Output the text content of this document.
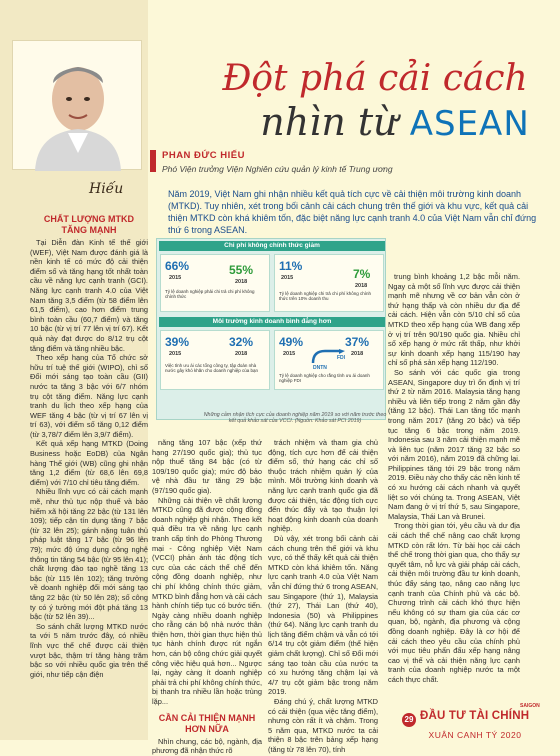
Hiếu
Đột phá cải cách
nhìn từ ASEAN
PHAN ĐỨC HIẾU
Phó Viện trưởng Viện Nghiên cứu quản lý kinh tế Trung ương
Năm 2019, Việt Nam ghi nhận nhiều kết quả tích cực về cải thiện môi trường kinh doanh (MTKD). Tuy nhiên, xét trong bối cảnh cải cách chung trên thế giới và khu vực, kết quả cải thiện MTKD còn khá khiêm tốn, đặc biệt năng lực cạnh tranh 4.0 của Việt Nam vẫn chỉ đứng thứ 6 trong ASEAN.
CHẤT LƯỢNG MTKD TĂNG MẠNH

Tại Diễn đàn Kinh tế thế giới (WEF), Việt Nam được đánh giá là nền kinh tế có mức độ cải thiện điểm số và tăng hạng tốt nhất toàn cầu về năng lực cạnh tranh (GCI). Năng lực cạnh tranh 4.0 của Việt Nam tăng 3,5 điểm (từ 58 điểm lên 61,5 điểm), cao hơn điểm trung bình toàn cầu (60,7 điểm) và tăng 10 bậc (từ vị trí 77 lên vị trí 67). Kết quả này đạt được do 8/12 trụ cột tăng điểm và tăng nhiều bậc.

Theo xếp hạng của Tổ chức sở hữu trí tuệ thế giới (WIPO), chỉ số Đổi mới sáng tạo toàn cầu (GII) nước ta tăng 3 bậc với 6/7 nhóm trụ cột tăng điểm. Năng lực cạnh tranh du lịch theo xếp hạng của WEF tăng 4 bậc (từ vị trí 67 lên vị trí 63), với điểm số tăng 0,12 điểm (từ 3,78/7 điểm lên 3,9/7 điểm).

Kết quả xếp hạng MTKD (Doing Business hoặc EoDB) của Ngân hàng Thế giới (WB) cũng ghi nhận tăng 1,2 điểm (từ 68,6 lên 69,8 điểm) với 7/10 chỉ tiêu tăng điểm.

Nhiều lĩnh vực có cải cách mạnh mẽ, như thủ tục nộp thuế và bảo hiểm xã hội tăng 22 bậc (từ 131 lên 109); tiếp cận tín dụng tăng 7 bậc (từ 32 lên 25); gánh nặng tuân thủ pháp luật tăng 17 bậc (từ 96 lên 79); mức độ ứng dụng công nghệ thông tin tăng 54 bậc (từ 95 lên 41); chất lượng đào tạo nghề tăng 13 bậc (từ 115 lên 102); tăng trưởng về doanh nghiệp đổi mới sáng tạo tăng 22 bậc (từ 50 lên 28); số công ty có ý tưởng mới đột phá tăng 13 bậc (từ 52 lên 39)...

So sánh chất lượng MTKD nước ta với 5 năm trước đây, có nhiều lĩnh vực thể chế được cải thiện vượt bậc, thậm trí tăng hàng trăm bậc so với nhiều quốc gia trên thế giới, như tiếp cận điện

năng tăng 107 bậc (xếp thứ hạng 27/190 quốc gia); thủ tục nộp thuế tăng 84 bậc (có từ 109/190 quốc gia); mức độ bảo vệ nhà đầu tư tăng 29 bậc (97/190 quốc gia).

Những cải thiện về chất lượng MTKD cũng đã được cộng đồng doanh nghiệp ghi nhận. Theo kết quả điều tra về năng lực cạnh tranh cấp tỉnh do Phòng Thương mại - Công nghiệp Việt Nam (VCCI) phản ánh tác động tích cực của các cách thể chế đến cộng đồng doanh nghiệp, như chi phí không chính thức giảm, MTKD bình đẳng hơn và cải cách hành chính tiếp tục có bước tiến. Ngày càng nhiều doanh nghiệp cho rằng cán bộ nhà nước thân thiện hơn, thời gian thực hiện thủ tục hành chính được rút ngắn hơn, cán bộ công chức giải quyết công việc hiệu quả hơn... Ngược lại, ngày càng ít doanh nghiệp phải trả chi phí không chính thức, bị thanh tra nhiều lần hoặc trùng lặp...

CẦN CẢI THIỆN MẠNH HƠN NỮA

Nhìn chung, các bộ, ngành, địa phương đã nhận thức rõ

trách nhiệm và tham gia chủ động, tích cực hơn để cải thiện điểm số, thứ hạng các chỉ số thuộc trách nhiệm quản lý của mình. Môi trường kinh doanh và năng lực cạnh tranh quốc gia đã được cải thiện, tác động tích cực đến thúc đẩy và tạo thuận lợi hoạt động kinh doanh của doanh nghiệp.

Dù vậy, xét trong bối cảnh cải cách chung trên thế giới và khu vực, có thể thấy kết quả cải thiện MTKD còn khá khiêm tốn. Năng lực cạnh tranh 4.0 của Việt Nam vẫn chỉ đứng thứ 6 trong ASEAN, sau Singapore (thứ 1), Malaysia (thứ 27), Thái Lan (thứ 40), Indonesia (50) và Philippines (thứ 64). Năng lực cạnh tranh du lịch tăng điểm chậm và vẫn có tới 6/14 trụ cột giảm điểm (thể hiện giảm chất lượng). Chỉ số Đổi mới sáng tạo toàn cầu của nước ta có xu hướng tăng chậm lại và 4/7 trụ cột giảm bậc trong năm 2019.

Đáng chú ý, chất lượng MTKD có cải thiện (qua việc tăng điểm), nhưng còn rất ít và chậm. Trong 5 năm qua, MTKD nước ta cải thiện 8 bậc trên bảng xếp hạng (tăng từ 78 lên 70), tính

trung bình khoảng 1,2 bậc mỗi năm. Ngay cả một số lĩnh vực được cải thiện mạnh mẽ nhưng về cơ bản vẫn còn ở thứ hạng thấp và còn nhiều dư địa để cải cách. Hiện vẫn còn 5/10 chỉ số của MTKD theo xếp hạng của WB đang xếp ở vị trí trên 90/190 quốc gia. Nhiều chỉ số xếp hạng ở mức rất thấp, như khởi sự kinh doanh xếp hạng 115/190 hay chỉ số phá sản xếp hạng 112/190.

So sánh với các quốc gia trong ASEAN, Singapore duy trì ổn định vị trí thứ 2 từ năm 2016. Malaysia tăng hạng nhiều và liên tiếp trong 2 năm gần đây (tăng 12 bậc). Thái Lan tăng tốc mạnh trong năm 2017 (tăng 20 bậc) và tiếp tục tăng 6 bậc trong năm 2019. Indonesia sau 3 năm cải thiện mạnh mẽ và liên tục (năm 2017 tăng 32 bậc so với năm 2016), năm 2019 đã chững lại. Philippines tăng tới 29 bậc trong năm 2019. Điều này cho thấy các nền kinh tế có xu hướng cải cách nhanh và quyết liệt so với chúng ta. Trong ASEAN, Việt Nam đang ở vị trí thứ 5, sau Singapore, Malaysia, Thái Lan và Brunei.

Trong thời gian tới, yêu cầu và dư địa cải cách thể chế nâng cao chất lượng MTKD còn rất lớn. Từ bài học cải cách thể chế trong thời gian qua, cho thấy sự quyết tâm, nỗ lực và giải pháp cải cách, cải thiện môi trường đầu tư kinh doanh, thúc đẩy sáng tạo, nâng cao năng lực cạnh tranh của Chính phủ và các bộ. Chương trình cải cách khó thực hiện nếu không có sự tham gia của các cơ quan, bộ, ngành, địa phương và cộng đồng doanh nghiệp. Đây là cơ hội để cải cách theo yêu cầu của chính phủ với mục tiêu phấn đấu xếp hạng nâng cao vị thế và cải thiện năng lực cạnh tranh của doanh nghiệp nước ta một cách thực chất.

Chi phí không chính thức giảm
66%
2015
55%
2018
Tỷ lệ doanh nghiệp phải chi trả chi phí không chính thức
11%
2015	7%
2018
Tỷ lệ doanh nghiệp chi trả chi phí không chính thức trên 10% doanh thu
Môi trường kinh doanh bình đẳng hơn
39%
2015
32%
2018
Việc tỉnh ưu ái các tổng công ty, tập đoàn nhà nước gây khó khăn cho doanh nghiệp của bạn
49%
2015
37%
2018
FDI
DNTN
Tỷ lệ doanh nghiệp cho rằng tỉnh ưu ái doanh nghiệp FDI
Những cảm nhận tích cực của doanh nghiệp năm 2019 so với năm trước theo kết quả khảo sát của VCCI. (Nguồn: Khảo sát PCI 2019)
SAIGON
29 ĐẦU TƯ TÀI CHÍNH
XUÂN CANH TÝ 2020
